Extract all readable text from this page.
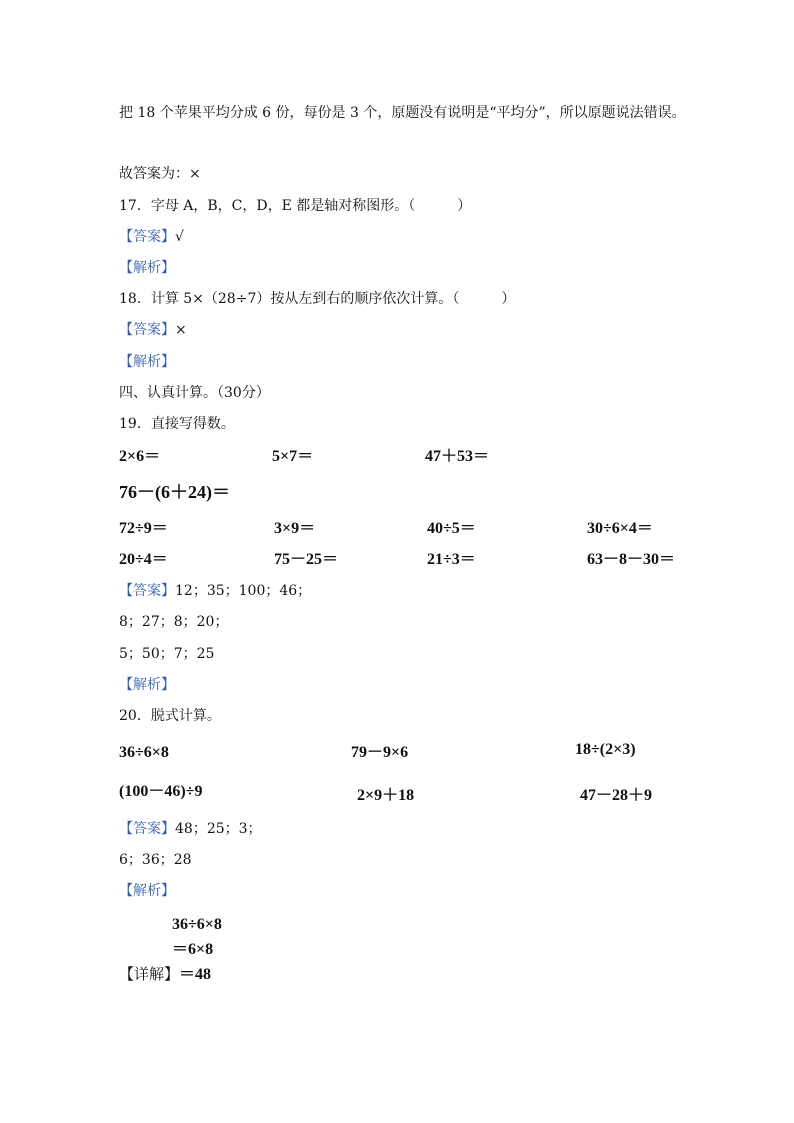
把 18 个苹果平均分成 6 份，每份是 3 个，原题没有说明是“平均分”，所以原题说法错误。
故答案为：×
17．字母 A，B，C，D，E 都是轴对称图形。（　　　）
【答案】√
【解析】
18．计算 5×（28÷7）按从左到右的顺序依次计算。（　　　）
【答案】×
【解析】
四、认真计算。（30分）
19．直接写得数。
2×6＝	5×7＝	47＋53＝
76－(6＋24)＝
72÷9＝	3×9＝	40÷5＝	30÷6×4＝
20÷4＝	75－25＝	21÷3＝	63－8－30＝
【答案】12；35；100；46；
8；27；8；20；
5；50；7；25
【解析】
20．脱式计算。
36÷6×8	79－9×6	18÷(2×3)
(100－46)÷9	2×9＋18	47－28＋9
【答案】48；25；3；
6；36；28
【解析】
36÷6×8
＝6×8
【详解】＝48
